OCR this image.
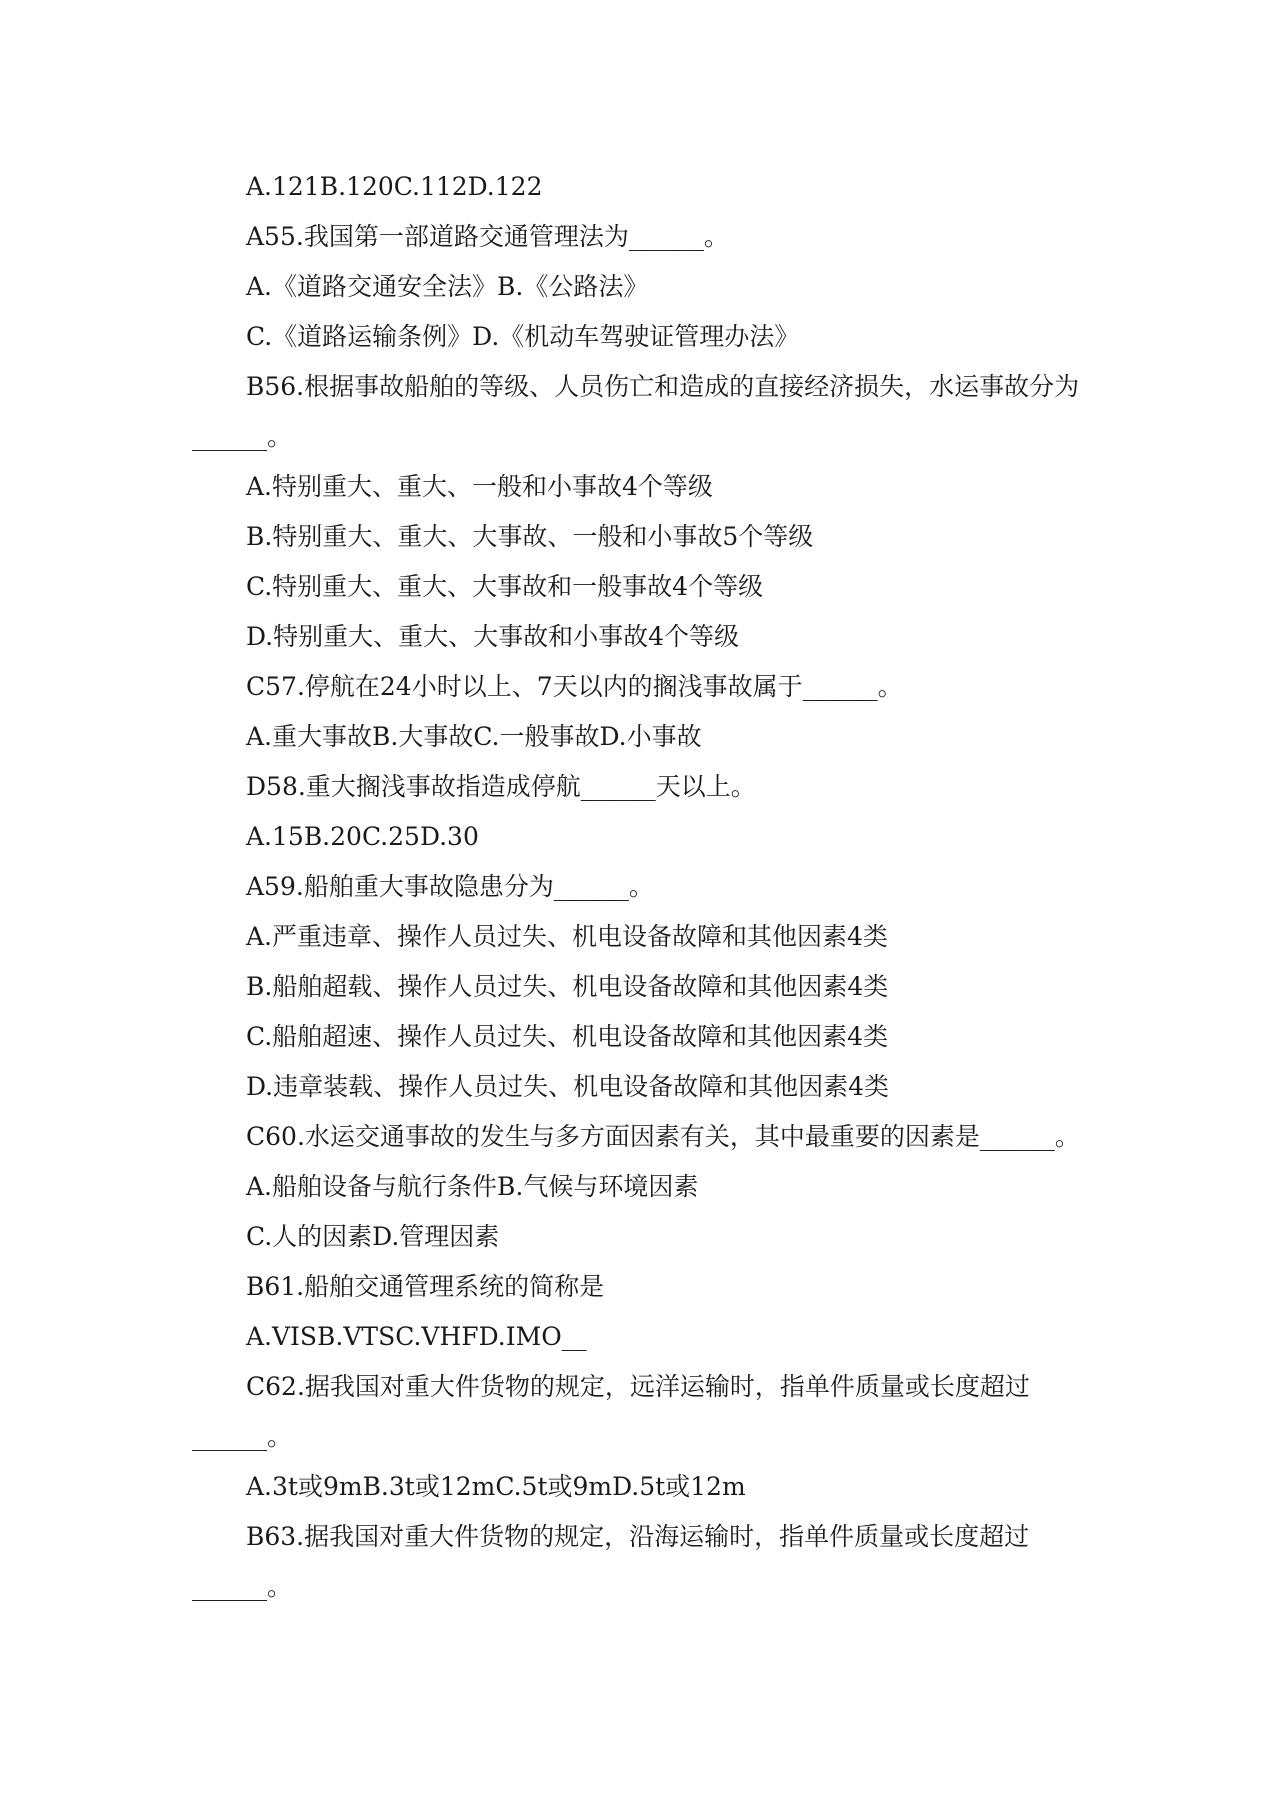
A.121B.120C.112D.122
A55.我国第一部道路交通管理法为______。
A.《道路交通安全法》B.《公路法》
C.《道路运输条例》D.《机动车驾驶证管理办法》
B56.根据事故船舶的等级、人员伤亡和造成的直接经济损失，水运事故分为
______。
A.特别重大、重大、一般和小事故4个等级
B.特别重大、重大、大事故、一般和小事故5个等级
C.特别重大、重大、大事故和一般事故4个等级
D.特别重大、重大、大事故和小事故4个等级
C57.停航在24小时以上、7天以内的搁浅事故属于______。
A.重大事故B.大事故C.一般事故D.小事故
D58.重大搁浅事故指造成停航______天以上。
A.15B.20C.25D.30
A59.船舶重大事故隐患分为______。
A.严重违章、操作人员过失、机电设备故障和其他因素4类
B.船舶超载、操作人员过失、机电设备故障和其他因素4类
C.船舶超速、操作人员过失、机电设备故障和其他因素4类
D.违章装载、操作人员过失、机电设备故障和其他因素4类
C60.水运交通事故的发生与多方面因素有关，其中最重要的因素是______。
A.船舶设备与航行条件B.气候与环境因素
C.人的因素D.管理因素
B61.船舶交通管理系统的简称是
A.VISB.VTSC.VHFD.IMO__
C62.据我国对重大件货物的规定，远洋运输时，指单件质量或长度超过
______。
A.3t或9mB.3t或12mC.5t或9mD.5t或12m
B63.据我国对重大件货物的规定，沿海运输时，指单件质量或长度超过
______。
